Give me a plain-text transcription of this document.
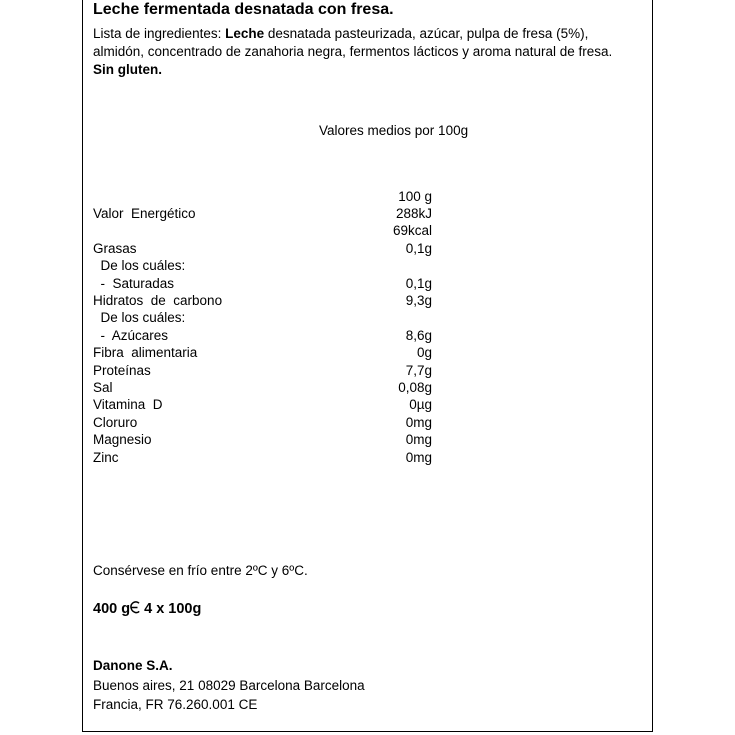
Leche fermentada desnatada con fresa.
Lista de ingredientes: Leche desnatada pasteurizada, azúcar, pulpa de fresa (5%), almidón, concentrado de zanahoria negra, fermentos lácticos y aroma natural de fresa. Sin gluten.
Valores medios por 100g
100 g
Valor  Energético	288kJ
69kcal
Grasas	0,1g
De los cuáles:
-  Saturadas	0,1g
Hidratos  de  carbono	9,3g
De los cuáles:
-  Azúcares	8,6g
Fibra  alimentaria	0g
Proteínas	7,7g
Sal	0,08g
Vitamina  D	0µg
Cloruro	0mg
Magnesio	0mg
Zinc	0mg
Consérvese en frío entre 2ºC y 6ºC.
400 g 4 x 100g
Danone S.A.
Buenos aires, 21 08029 Barcelona Barcelona
Francia, FR 76.260.001 CE
